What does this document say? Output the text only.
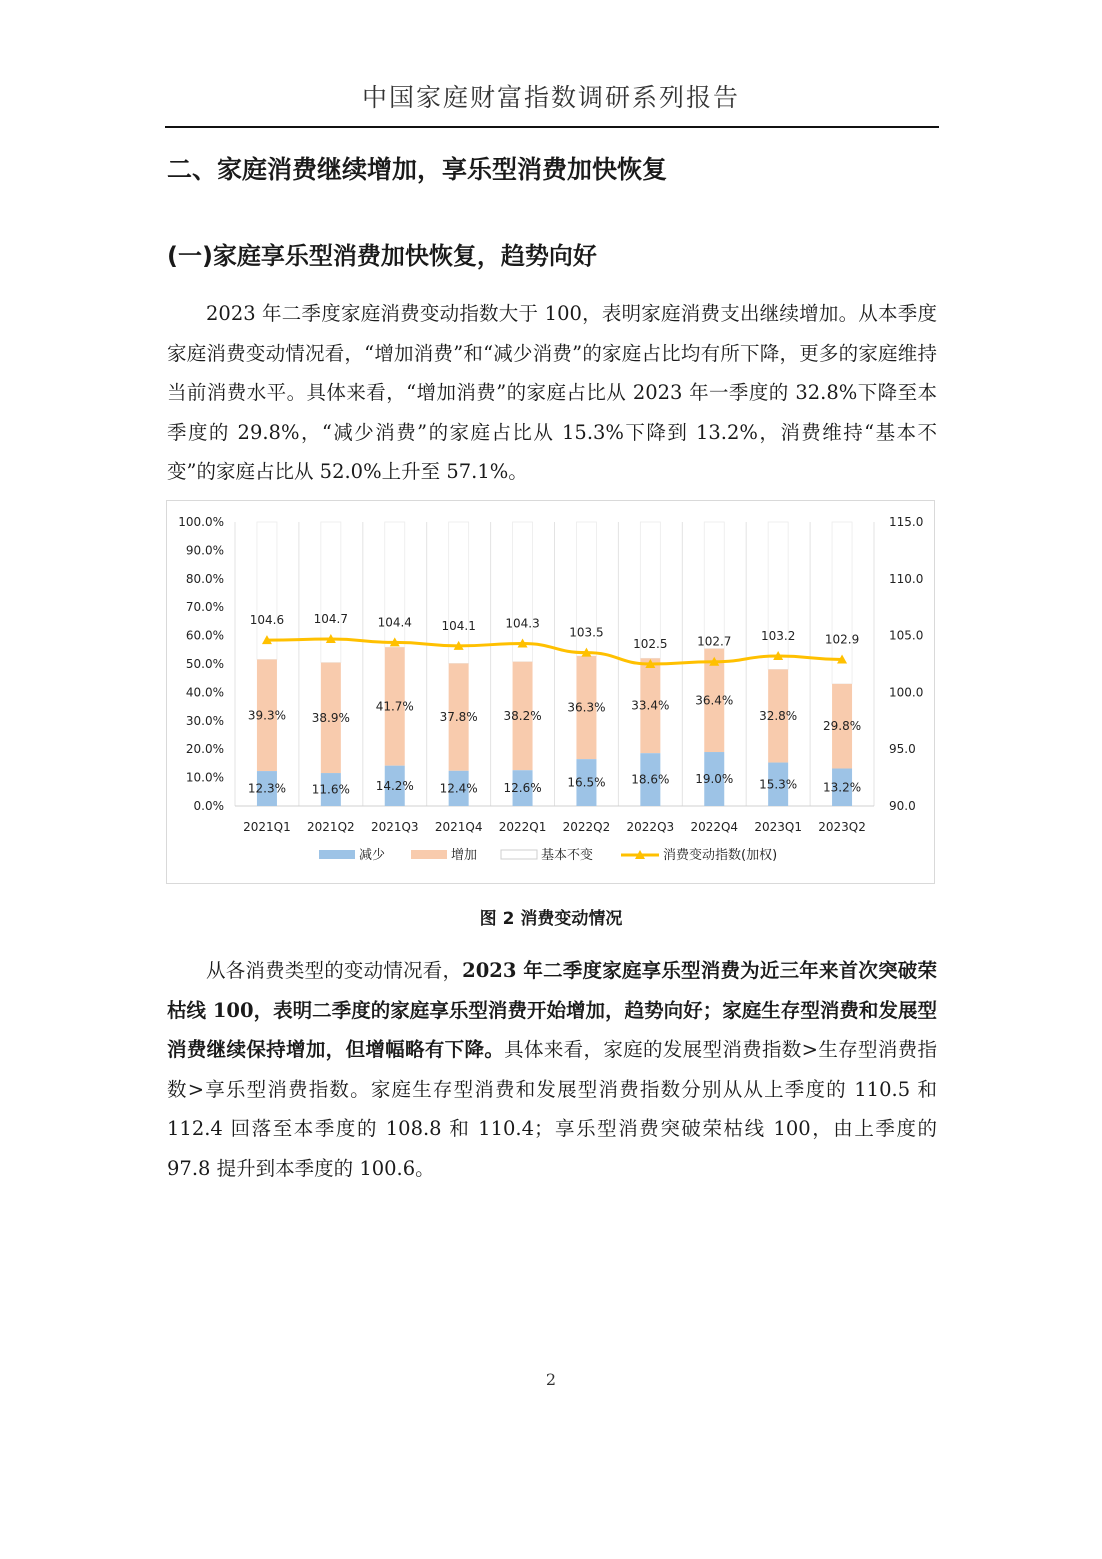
中国家庭财富指数调研系列报告
二、家庭消费继续增加，享乐型消费加快恢复
(一)家庭享乐型消费加快恢复，趋势向好

2023 年二季度家庭消费变动指数大于 100，表明家庭消费支出继续增加。从本季度家庭消费变动情况看，“增加消费”和“减少消费”的家庭占比均有所下降，更多的家庭维持当前消费水平。具体来看，“增加消费”的家庭占比从 2023 年一季度的 32.8%下降至本季度的 29.8%，“减少消费”的家庭占比从 15.3%下降到 13.2%，消费维持“基本不变”的家庭占比从 52.0%上升至 57.1%。

0.0%
10.0%
20.0%
30.0%
40.0%
50.0%
60.0%
70.0%
80.0%
90.0%
100.0%
90.0
95.0
100.0
105.0
110.0
115.0
39.3%
12.3%
2021Q1
38.9%
11.6%
2021Q2
41.7%
14.2%
2021Q3
37.8%
12.4%
2021Q4
38.2%
12.6%
2022Q1
36.3%
16.5%
2022Q2
33.4%
18.6%
2022Q3
36.4%
19.0%
2022Q4
32.8%
15.3%
2023Q1
29.8%
13.2%
2023Q2
104.6 104.7 104.4 104.1 104.3
103.5
102.5 102.7 103.2 102.9
减少	增加	基本不变	消费变动指数(加权)
图 2 消费变动情况

从各消费类型的变动情况看，2023 年二季度家庭享乐型消费为近三年来首次突破荣枯线 100，表明二季度的家庭享乐型消费开始增加，趋势向好；家庭生存型消费和发展型消费继续保持增加，但增幅略有下降。具体来看，家庭的发展型消费指数>生存型消费指数>享乐型消费指数。家庭生存型消费和发展型消费指数分别从从上季度的 110.5 和 112.4 回落至本季度的 108.8 和 110.4；享乐型消费突破荣枯线 100，由上季度的 97.8 提升到本季度的 100.6。

2
